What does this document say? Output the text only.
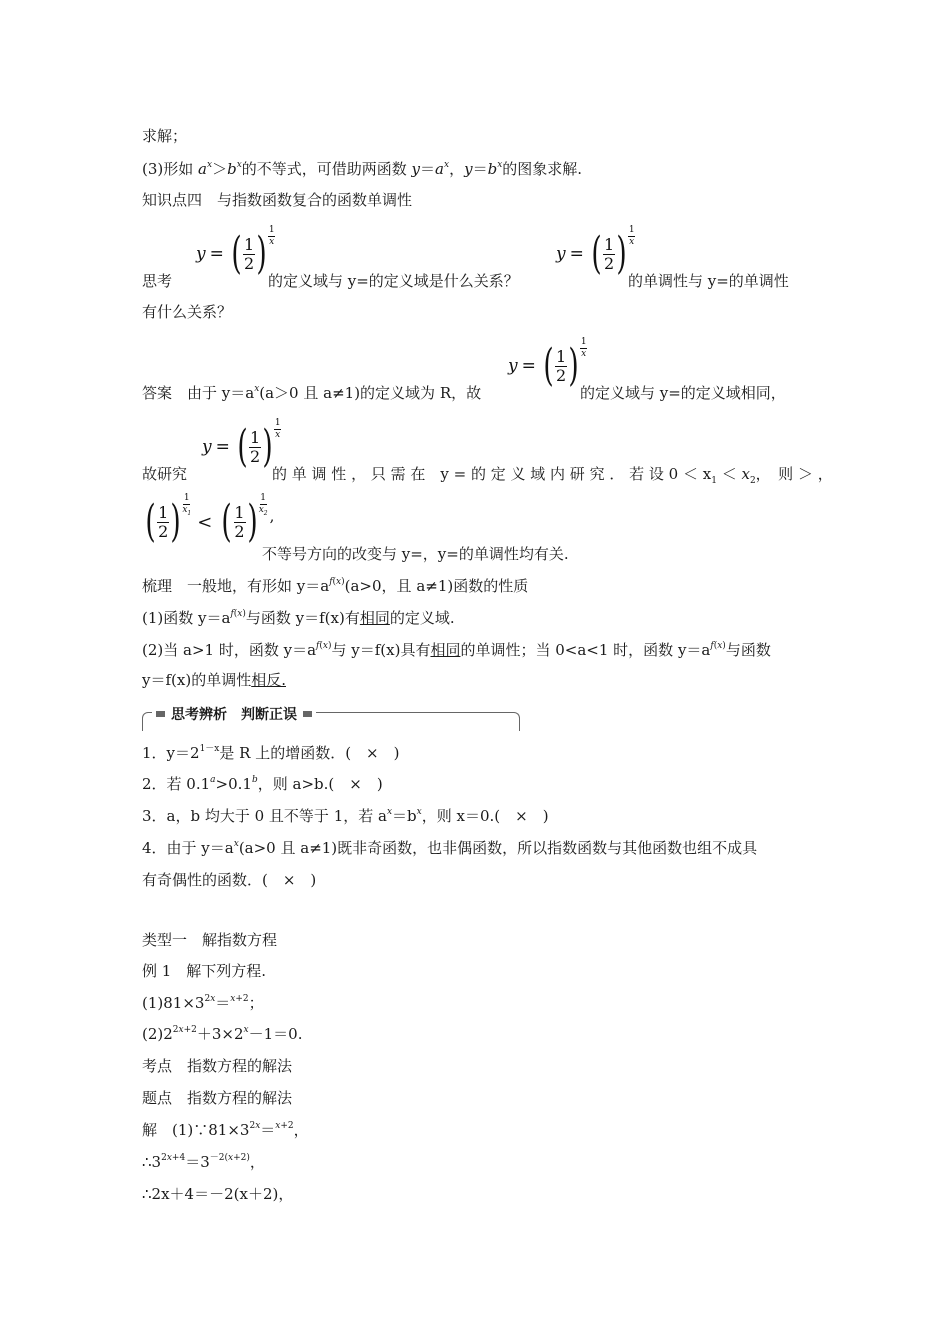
求解；
(3)形如 $a^x>b^x$的不等式，可借助两函数 $y=a^x$，$y=b^x$的图象求解.
知识点四　与指数函数复合的函数单调性
思考
y = ( $\frac{1}{2}$ ) 1
x
的定义域与 y=的定义域是什么关系？
y = ( $\frac{1}{2}$ ) 1
x
的单调性与 y=的单调性
有什么关系？
答案　由于 $y=a^x(a>0$ 且 a≠1)的定义域为 R，故
y = ( $\frac{1}{2}$ ) 1
x
的定义域与 y=的定义域相同，
故研究
y = ( $\frac{1}{2}$ ) 1
x
的 单 调 性 ， 只 需 在　y = 的 定 义 域 内 研 究 ． 若 设 $0 < x_1 < x_2$，　则 ＞ ，
( $\frac{1}{2}$ ) 1
$x_1$ < ( $\frac{1}{2}$ ) 1
$x_2$ ,
不等号方向的改变与 y=，y=的单调性均有关.
梳理　一般地，有形如 $y=a^{f(x)}(a>0$，且 a≠1)函数的性质
(1)函数 $y=a^{f(x)}$与函数 y＝f(x)有相同的定义域.
(2)当 a>1 时，函数 $y=a^{f(x)}$与 y＝f(x)具有相同的单调性；当 0<a<1 时，函数 $y=a^{f(x)}$与函数
y＝f(x)的单调性相反.
思考辨析　判断正误
1．$y=2^{1-x}$是 R 上的增函数．(　×　)
2．若 0.1$^a$>0.1$^b$，则 a>b.(　×　)
3．a，b 均大于 0 且不等于 1，若 $a^x=b^x$，则 x＝0.(　×　)
4．由于 $y=a^x(a>0$ 且 a≠1)既非奇函数，也非偶函数，所以指数函数与其他函数也组不成具
有奇偶性的函数．(　×　)
类型一　解指数方程
例 1　解下列方程.
$(1)81\times 3^{2x}=^{x+2}$；
$(2)2^{2x+2}+3\times 2^x-1=0$.
考点　指数方程的解法
题点　指数方程的解法
解　$(1)\because 81\times 3^{2x}=^{x+2}$，
$\therefore 3^{2x+4}=3^{-2(x+2)}$，
∴2x＋4＝－2(x＋2)，
